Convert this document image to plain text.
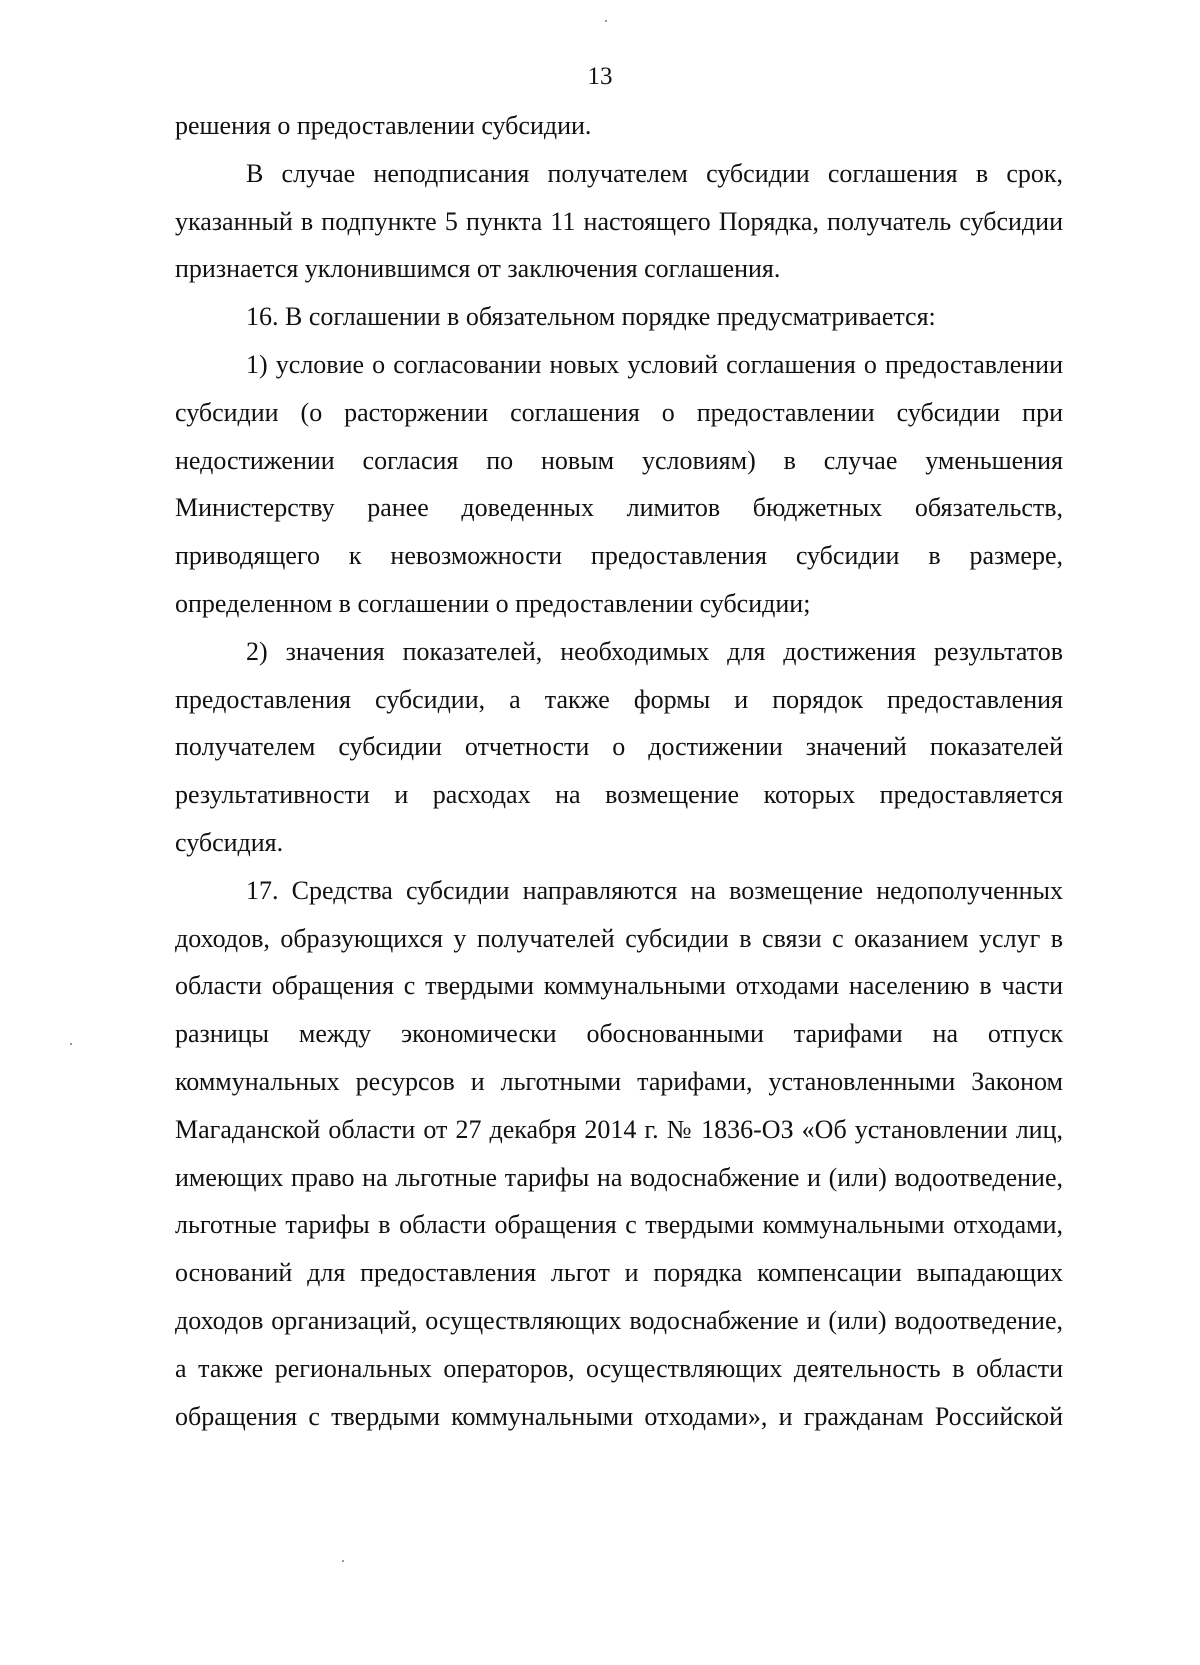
13

решения о предоставлении субсидии.

В случае неподписания получателем субсидии соглашения в срок, указанный в подпункте 5 пункта 11 настоящего Порядка, получатель субсидии признается уклонившимся от заключения соглашения.

16. В соглашении в обязательном порядке предусматривается:

1) условие о согласовании новых условий соглашения о предоставлении субсидии (о расторжении соглашения о предоставлении субсидии при недостижении согласия по новым условиям) в случае уменьшения Министерству ранее доведенных лимитов бюджетных обязательств, приводящего к невозможности предоставления субсидии в размере, определенном в соглашении о предоставлении субсидии;

2) значения показателей, необходимых для достижения результатов предоставления субсидии, а также формы и порядок предоставления получателем субсидии отчетности о достижении значений показателей результативности и расходах на возмещение которых предоставляется субсидия.

17. Средства субсидии направляются на возмещение недополученных доходов, образующихся у получателей субсидии в связи с оказанием услуг в области обращения с твердыми коммунальными отходами населению в части разницы между экономически обоснованными тарифами на отпуск коммунальных ресурсов и льготными тарифами, установленными Законом Магаданской области от 27 декабря 2014 г. № 1836-ОЗ «Об установлении лиц, имеющих право на льготные тарифы на водоснабжение и (или) водоотведение, льготные тарифы в области обращения с твердыми коммунальными отходами, оснований для предоставления льгот и порядка компенсации выпадающих доходов организаций, осуществляющих водоснабжение и (или) водоотведение, а также региональных операторов, осуществляющих деятельность в области обращения с твердыми коммунальными отходами», и гражданам Российской
